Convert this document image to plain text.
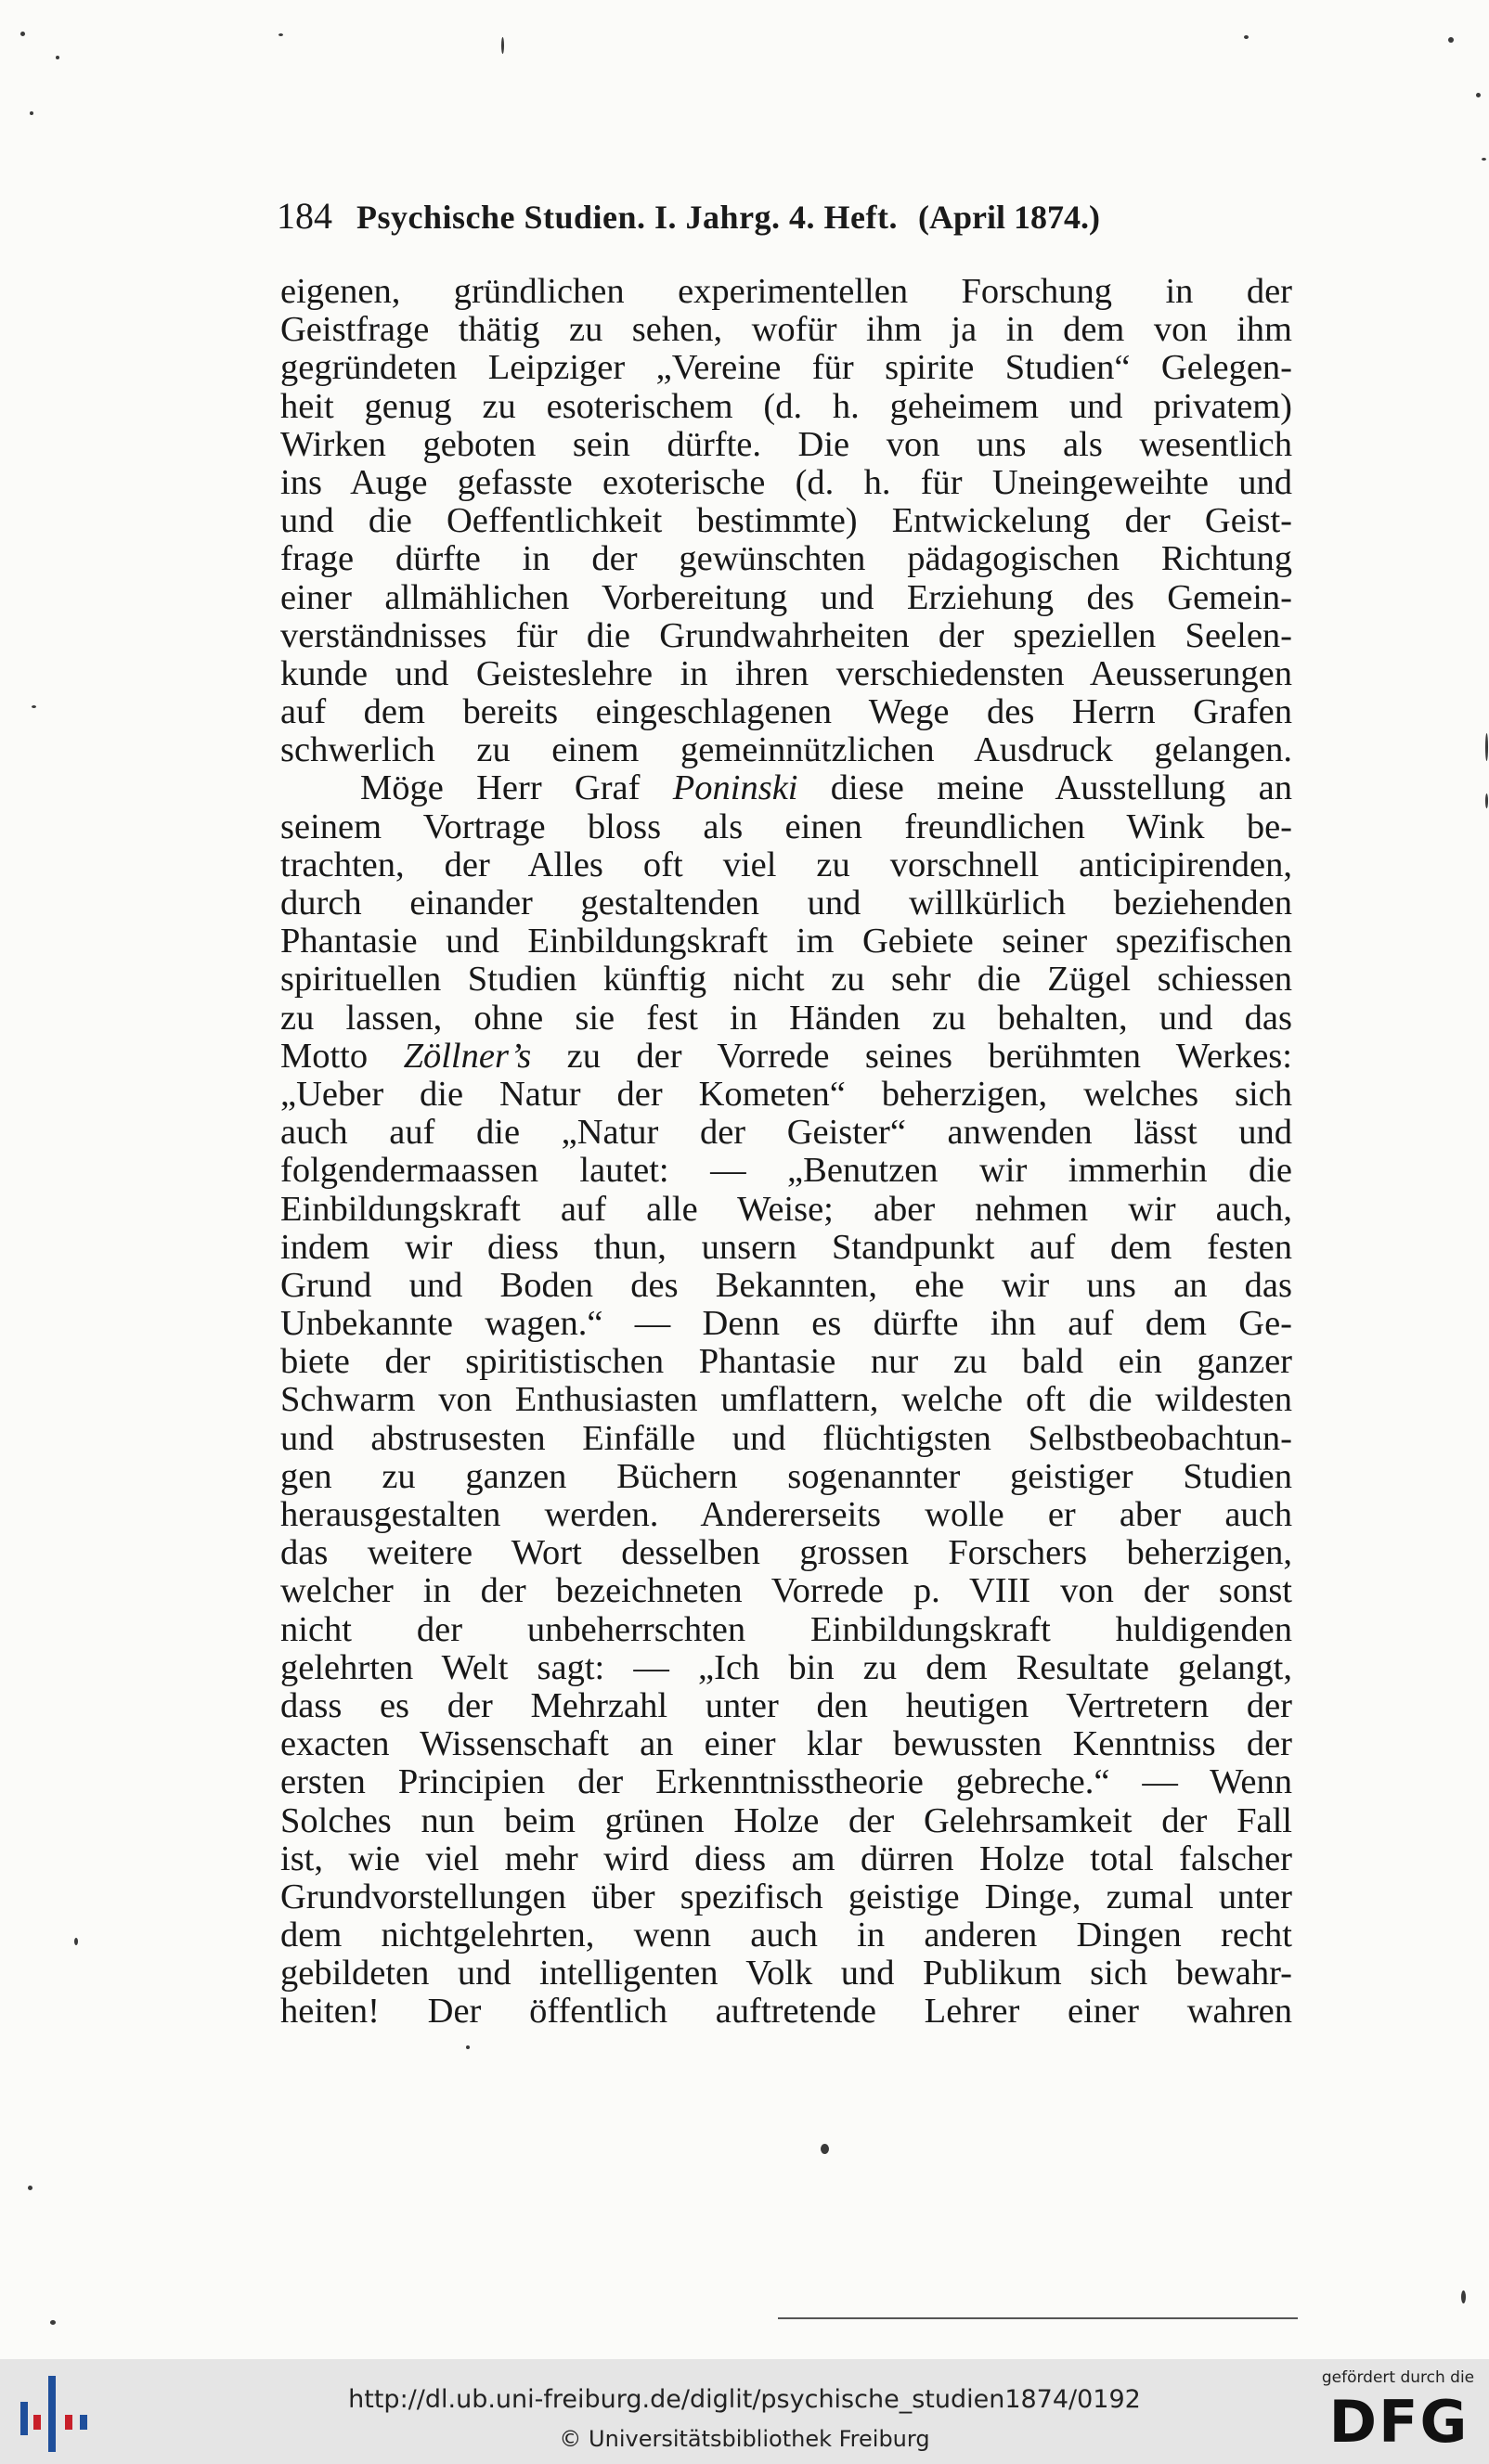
184 Psychische Studien. I. Jahrg. 4. Heft. (April 1874.)
eigenen, gründlichen experimentellen Forschung in der
Geistfrage thätig zu sehen, wofür ihm ja in dem von ihm
gegründeten Leipziger „Vereine für spirite Studien“ Gelegen-
heit genug zu esoterischem (d. h. geheimem und privatem)
Wirken geboten sein dürfte. Die von uns als wesentlich
ins Auge gefasste exoterische (d. h. für Uneingeweihte und
und die Oeffentlichkeit bestimmte) Entwickelung der Geist-
frage dürfte in der gewünschten pädagogischen Richtung
einer allmählichen Vorbereitung und Erziehung des Gemein-
verständnisses für die Grundwahrheiten der speziellen Seelen-
kunde und Geisteslehre in ihren verschiedensten Aeusserungen
auf dem bereits eingeschlagenen Wege des Herrn Grafen
schwerlich zu einem gemeinnützlichen Ausdruck gelangen.
Möge Herr Graf Poninski diese meine Ausstellung an
seinem Vortrage bloss als einen freundlichen Wink be-
trachten, der Alles oft viel zu vorschnell anticipirenden,
durch einander gestaltenden und willkürlich beziehenden
Phantasie und Einbildungskraft im Gebiete seiner spezifischen
spirituellen Studien künftig nicht zu sehr die Zügel schiessen
zu lassen, ohne sie fest in Händen zu behalten, und das
Motto Zöllner’s zu der Vorrede seines berühmten Werkes:
„Ueber die Natur der Kometen“ beherzigen, welches sich
auch auf die „Natur der Geister“ anwenden lässt und
folgendermaassen lautet: — „Benutzen wir immerhin die
Einbildungskraft auf alle Weise; aber nehmen wir auch,
indem wir diess thun, unsern Standpunkt auf dem festen
Grund und Boden des Bekannten, ehe wir uns an das
Unbekannte wagen.“ — Denn es dürfte ihn auf dem Ge-
biete der spiritistischen Phantasie nur zu bald ein ganzer
Schwarm von Enthusiasten umflattern, welche oft die wildesten
und abstrusesten Einfälle und flüchtigsten Selbstbeobachtun-
gen zu ganzen Büchern sogenannter geistiger Studien
herausgestalten werden. Andererseits wolle er aber auch
das weitere Wort desselben grossen Forschers beherzigen,
welcher in der bezeichneten Vorrede p. VIII von der sonst
nicht der unbeherrschten Einbildungskraft huldigenden
gelehrten Welt sagt: — „Ich bin zu dem Resultate gelangt,
dass es der Mehrzahl unter den heutigen Vertretern der
exacten Wissenschaft an einer klar bewussten Kenntniss der
ersten Principien der Erkenntnisstheorie gebreche.“ — Wenn
Solches nun beim grünen Holze der Gelehrsamkeit der Fall
ist, wie viel mehr wird diess am dürren Holze total falscher
Grundvorstellungen über spezifisch geistige Dinge, zumal unter
dem nichtgelehrten, wenn auch in anderen Dingen recht
gebildeten und intelligenten Volk und Publikum sich bewahr-
heiten! Der öffentlich auftretende Lehrer einer wahren
http://dl.ub.uni-freiburg.de/diglit/psychische_studien1874/0192
© Universitätsbibliothek Freiburg
gefördert durch die
DFG
